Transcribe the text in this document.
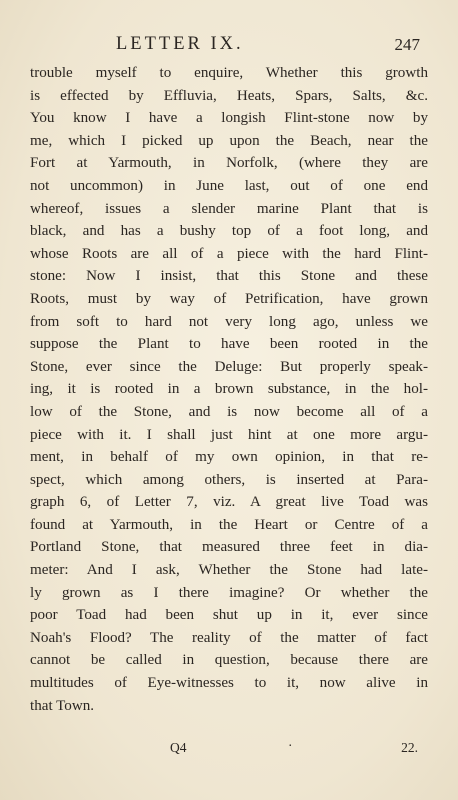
LETTER IX.	247
trouble myself to enquire, Whether this growth
is effected by Effluvia, Heats, Spars, Salts, &c.
You know I have a longish Flint-stone now by
me, which I picked up upon the Beach, near the
Fort at Yarmouth, in Norfolk, (where they are
not uncommon) in June last, out of one end
whereof, issues a slender marine Plant that is
black, and has a bushy top of a foot long, and
whose Roots are all of a piece with the hard Flint-
stone: Now I insist, that this Stone and these
Roots, must by way of Petrification, have grown
from soft to hard not very long ago, unless we
suppose the Plant to have been rooted in the
Stone, ever since the Deluge: But properly speak-
ing, it is rooted in a brown substance, in the hol-
low of the Stone, and is now become all of a
piece with it. I shall just hint at one more argu-
ment, in behalf of my own opinion, in that re-
spect, which among others, is inserted at Para-
graph 6, of Letter 7, viz. A great live Toad was
found at Yarmouth, in the Heart or Centre of a
Portland Stone, that measured three feet in dia-
meter: And I ask, Whether the Stone had late-
ly grown as I there imagine? Or whether the
poor Toad had been shut up in it, ever since
Noah's Flood? The reality of the matter of fact
cannot be called in question, because there are
multitudes of Eye-witnesses to it, now alive in
that Town.
Q4	·	22.
